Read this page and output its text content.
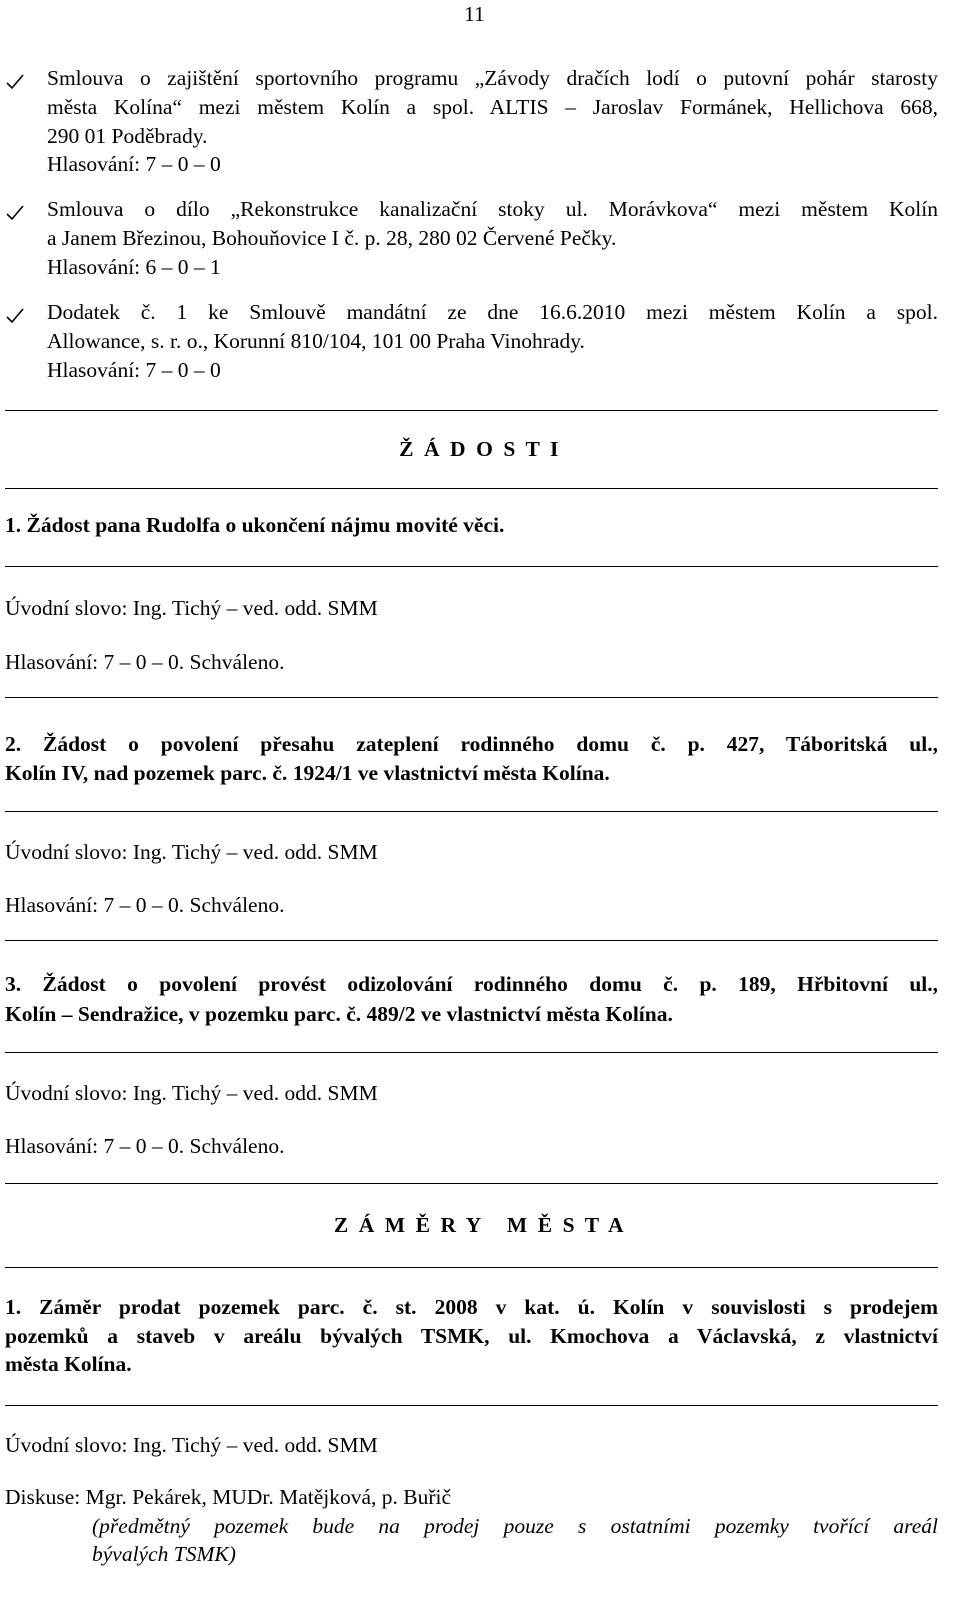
11
Smlouva o zajištění sportovního programu „Závody dračích lodí o putovní pohár starosty
města Kolína“ mezi městem Kolín a spol. ALTIS – Jaroslav Formánek, Hellichova 668,
290 01 Poděbrady.
Hlasování: 7 – 0 – 0
Smlouva o dílo „Rekonstrukce kanalizační stoky ul. Morávkova“ mezi městem Kolín
a Janem Březinou, Bohouňovice I č. p. 28, 280 02 Červené Pečky.
Hlasování: 6 – 0 – 1
Dodatek č. 1 ke Smlouvě mandátní ze dne 16.6.2010 mezi městem Kolín a spol.
Allowance, s. r. o., Korunní 810/104, 101 00 Praha Vinohrady.
Hlasování: 7 – 0 – 0
Ž Á D O S T I
1. Žádost pana Rudolfa o ukončení nájmu movité věci.
Úvodní slovo: Ing. Tichý – ved. odd. SMM
Hlasování: 7 – 0 – 0. Schváleno.
2. Žádost o povolení přesahu zateplení rodinného domu č. p. 427, Táboritská ul.,
Kolín IV, nad pozemek parc. č. 1924/1 ve vlastnictví města Kolína.
Úvodní slovo: Ing. Tichý – ved. odd. SMM
Hlasování: 7 – 0 – 0. Schváleno.
3. Žádost o povolení provést odizolování rodinného domu č. p. 189, Hřbitovní ul.,
Kolín – Sendražice, v pozemku parc. č. 489/2 ve vlastnictví města Kolína.
Úvodní slovo: Ing. Tichý – ved. odd. SMM
Hlasování: 7 – 0 – 0. Schváleno.
Z Á M Ě R Y   M Ě S T A
1. Záměr prodat pozemek parc. č. st. 2008 v kat. ú. Kolín v souvislosti s prodejem
pozemků a staveb v areálu bývalých TSMK, ul. Kmochova a Václavská, z vlastnictví
města Kolína.
Úvodní slovo: Ing. Tichý – ved. odd. SMM
Diskuse: Mgr. Pekárek, MUDr. Matějková, p. Buřič
(předmětný pozemek bude na prodej pouze s ostatními pozemky tvořící areál
bývalých TSMK)
